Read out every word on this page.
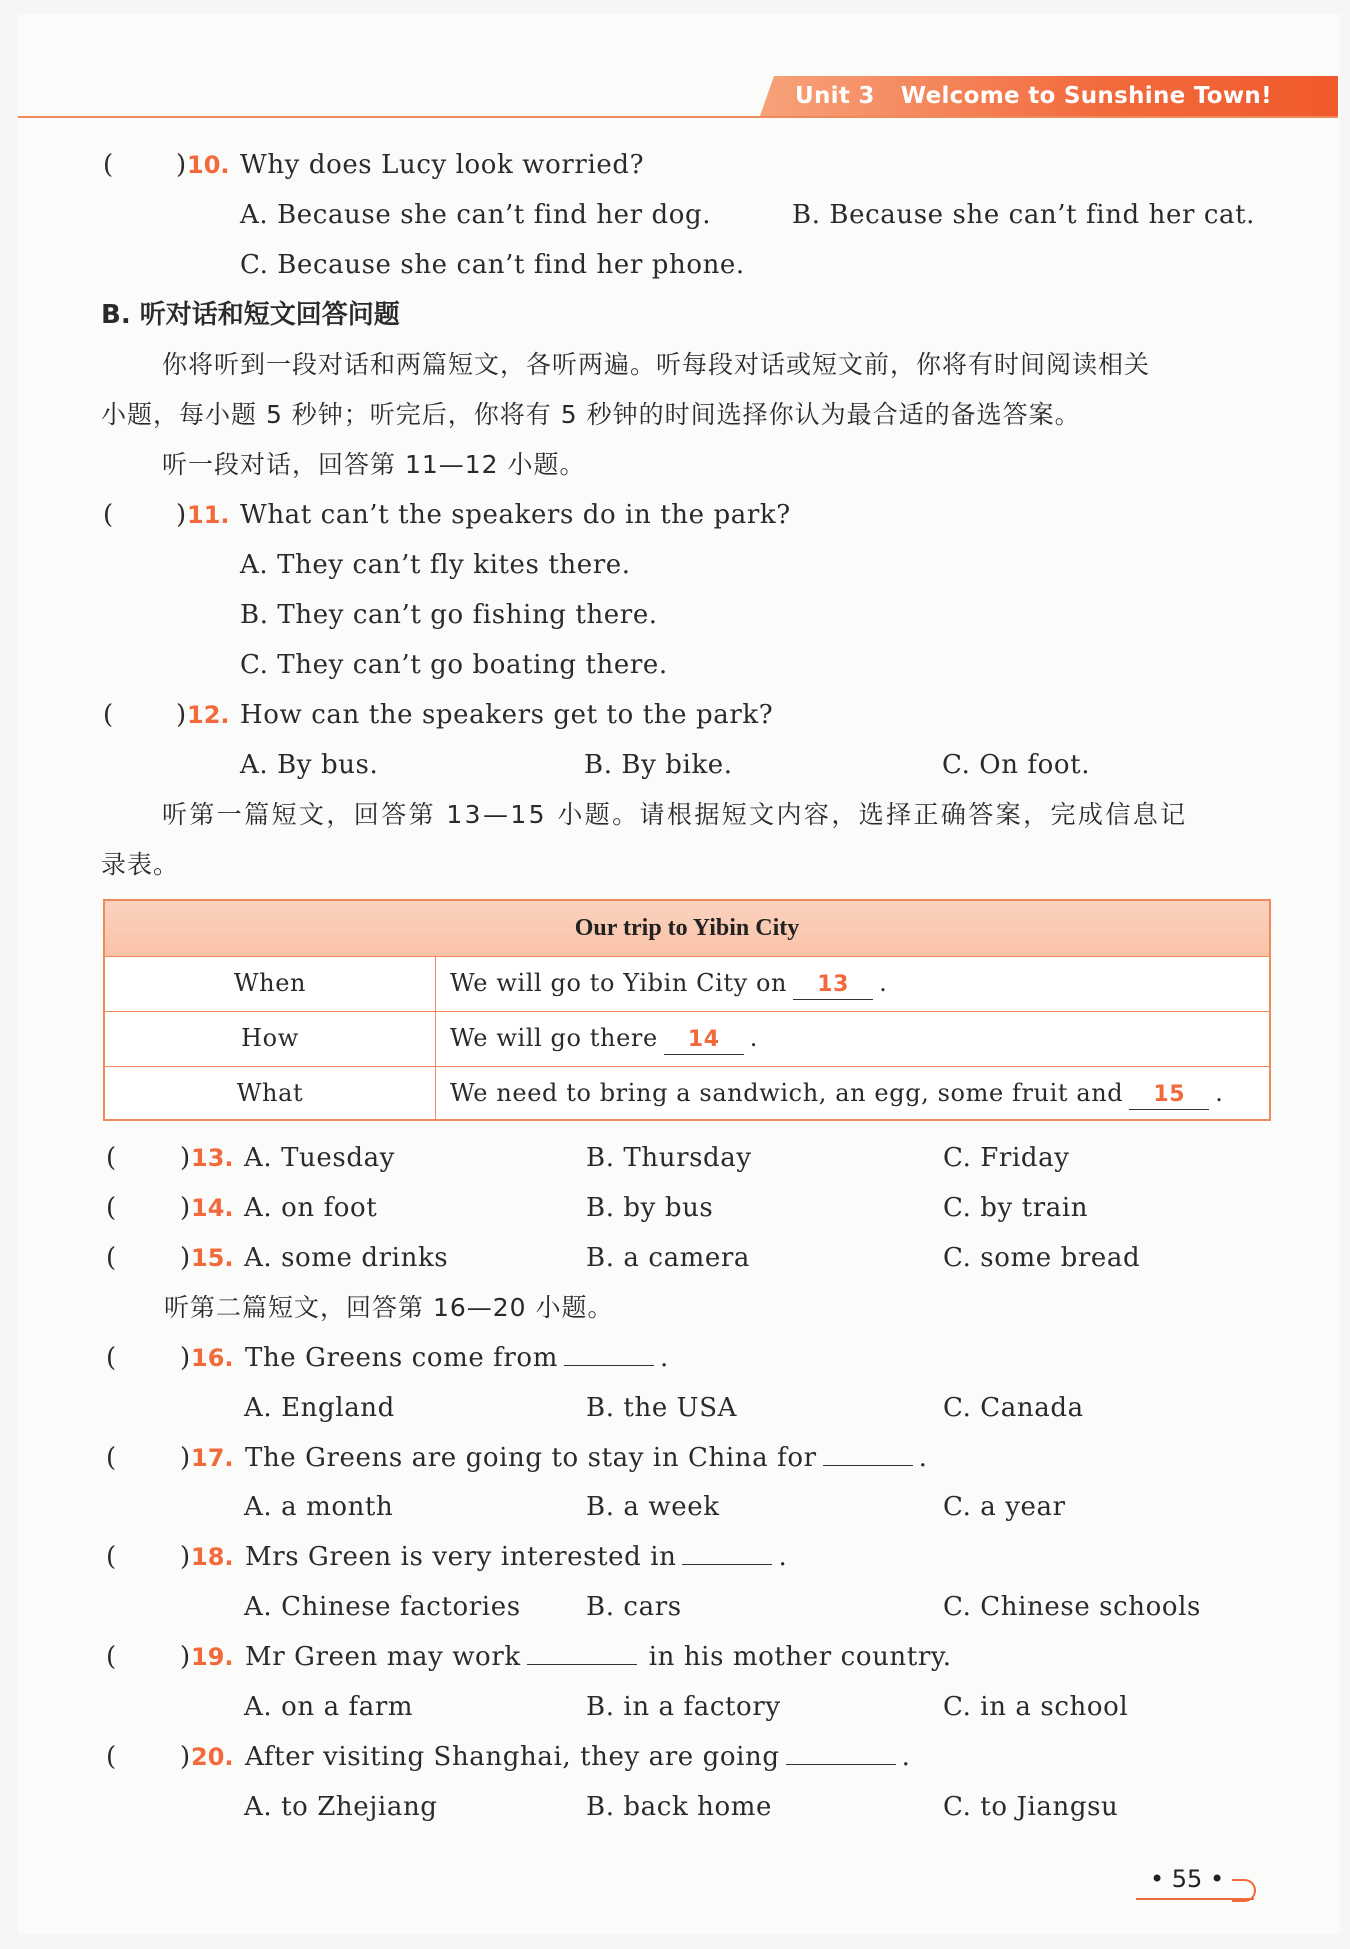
Unit 3 Welcome to Sunshine Town!
( ) 10. Why does Lucy look worried?
A. Because she can’t find her dog.	B. Because she can’t find her cat.
C. Because she can’t find her phone.
B. 听对话和短文回答问题
你将听到一段对话和两篇短文，各听两遍。听每段对话或短文前，你将有时间阅读相关
小题，每小题 5 秒钟；听完后，你将有 5 秒钟的时间选择你认为最合适的备选答案。
听一段对话，回答第 11—12 小题。
( ) 11. What can’t the speakers do in the park?
A. They can’t fly kites there.
B. They can’t go fishing there.
C. They can’t go boating there.
( ) 12. How can the speakers get to the park?
A. By bus.	B. By bike.	C. On foot.
听第一篇短文，回答第 13—15 小题。请根据短文内容，选择正确答案，完成信息记
录表。
Our trip to Yibin City
When	We will go to Yibin City on 13 .
How	We will go there 14 .
What	We need to bring a sandwich, an egg, some fruit and 15 .
( ) 13. A. Tuesday	B. Thursday	C. Friday
( ) 14. A. on foot	B. by bus	C. by train
( ) 15. A. some drinks	B. a camera	C. some bread
听第二篇短文，回答第 16—20 小题。
( ) 16. The Greens come from	.
A. England	B. the USA	C. Canada
( ) 17. The Greens are going to stay in China for	.
A. a month	B. a week	C. a year
( ) 18. Mrs Green is very interested in	.
A. Chinese factories	B. cars	C. Chinese schools
( ) 19. Mr Green may work	in his mother country.
A. on a farm	B. in a factory	C. in a school
( ) 20. After visiting Shanghai, they are going	.
A. to Zhejiang	B. back home	C. to Jiangsu
• 55 •
